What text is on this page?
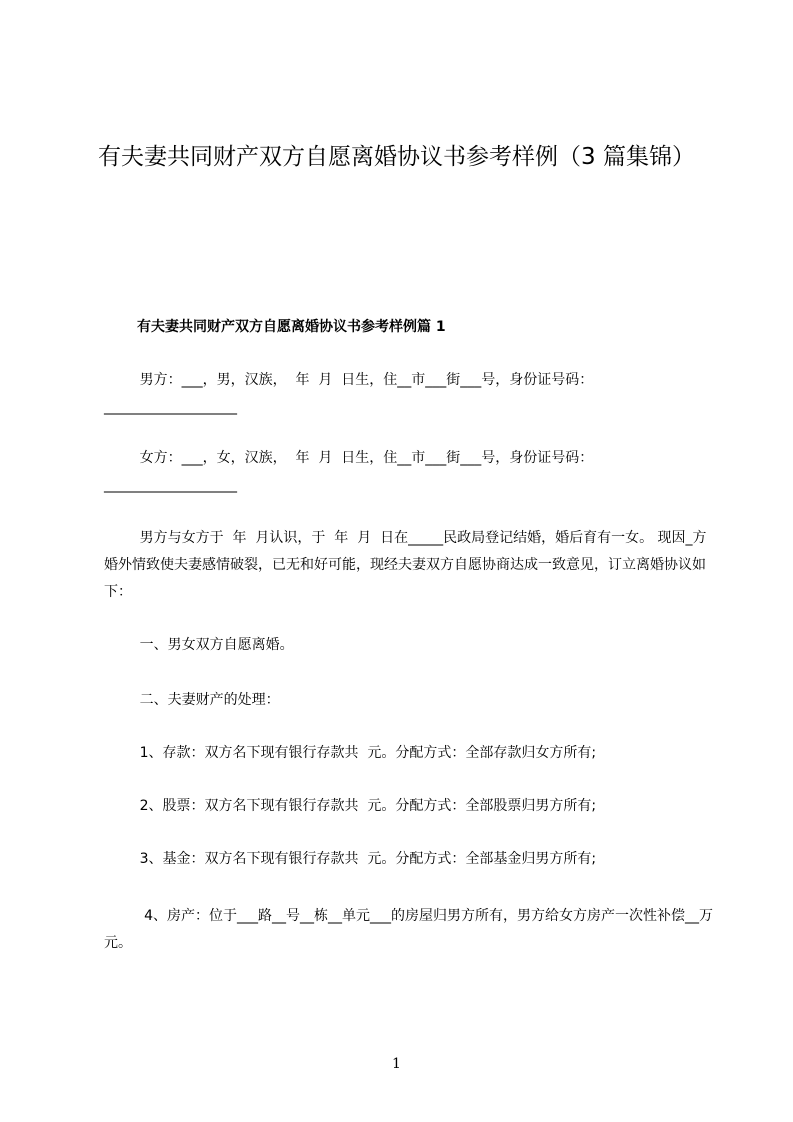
有夫妻共同财产双方自愿离婚协议书参考样例（3 篇集锦）
有夫妻共同财产双方自愿离婚协议书参考样例篇 1

男方：___，男，汉族，  年  月  日生，住__市___街___号，身份证号码：___________________

女方：___，女，汉族，  年  月  日生，住__市___街___号，身份证号码：___________________

男方与女方于  年  月认识，于  年  月  日在_____民政局登记结婚，婚后育有一女。 现因_方婚外情致使夫妻感情破裂，已无和好可能，现经夫妻双方自愿协商达成一致意见，订立离婚协议如下：

一、男女双方自愿离婚。

二、夫妻财产的处理：

1、存款：双方名下现有银行存款共  元。分配方式：全部存款归女方所有;

2、股票：双方名下现有银行存款共  元。分配方式：全部股票归男方所有;

3、基金：双方名下现有银行存款共  元。分配方式：全部基金归男方所有;

4、房产：位于___路__号__栋__单元___的房屋归男方所有，男方给女方房产一次性补偿__万元。

1
